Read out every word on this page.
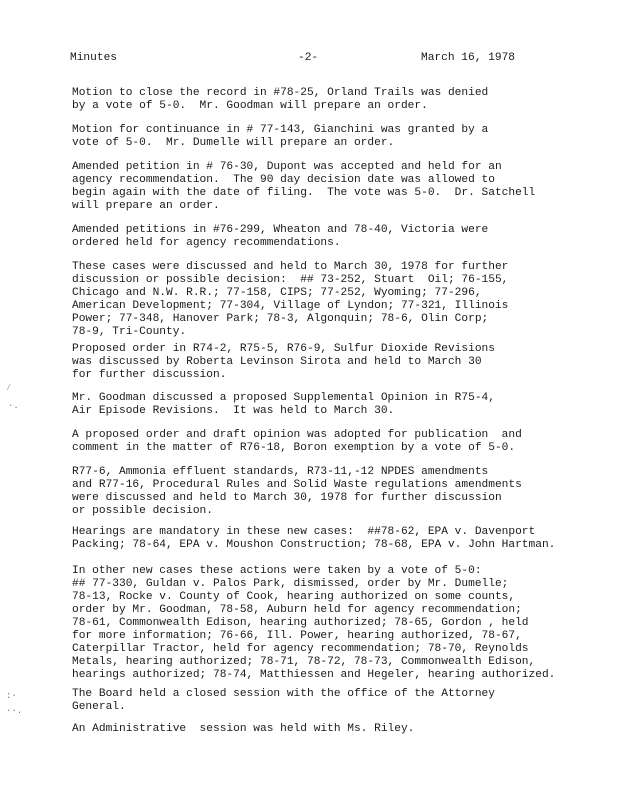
Minutes	-2-	March 16, 1978
Motion to close the record in #78-25, Orland Trails was denied
by a vote of 5-0.  Mr. Goodman will prepare an order.
Motion for continuance in # 77-143, Gianchini was granted by a
vote of 5-0.  Mr. Dumelle will prepare an order.
Amended petition in # 76-30, Dupont was accepted and held for an
agency recommendation.  The 90 day decision date was allowed to
begin again with the date of filing.  The vote was 5-0.  Dr. Satchell
will prepare an order.
Amended petitions in #76-299, Wheaton and 78-40, Victoria were
ordered held for agency recommendations.
These cases were discussed and held to March 30, 1978 for further
discussion or possible decision:  ## 73-252, Stuart  Oil; 76-155,
Chicago and N.W. R.R.; 77-158, CIPS; 77-252, Wyoming; 77-296,
American Development; 77-304, Village of Lyndon; 77-321, Illinois
Power; 77-348, Hanover Park; 78-3, Algonquin; 78-6, Olin Corp;
78-9, Tri-County.
Proposed order in R74-2, R75-5, R76-9, Sulfur Dioxide Revisions
was discussed by Roberta Levinson Sirota and held to March 30
for further discussion.
Mr. Goodman discussed a proposed Supplemental Opinion in R75-4,
Air Episode Revisions.  It was held to March 30.
A proposed order and draft opinion was adopted for publication  and
comment in the matter of R76-18, Boron exemption by a vote of 5-0.
R77-6, Ammonia effluent standards, R73-11,-12 NPDES amendments
and R77-16, Procedural Rules and Solid Waste regulations amendments
were discussed and held to March 30, 1978 for further discussion
or possible decision.
Hearings are mandatory in these new cases:  ##78-62, EPA v. Davenport
Packing; 78-64, EPA v. Moushon Construction; 78-68, EPA v. John Hartman.
In other new cases these actions were taken by a vote of 5-0:
## 77-330, Guldan v. Palos Park, dismissed, order by Mr. Dumelle;
78-13, Rocke v. County of Cook, hearing authorized on some counts,
order by Mr. Goodman, 78-58, Auburn held for agency recommendation;
78-61, Commonwealth Edison, hearing authorized; 78-65, Gordon , held
for more information; 76-66, Ill. Power, hearing authorized, 78-67,
Caterpillar Tractor, held for agency recommendation; 78-70, Reynolds
Metals, hearing authorized; 78-71, 78-72, 78-73, Commonwealth Edison,
hearings authorized; 78-74, Matthiessen and Hegeler, hearing authorized.
The Board held a closed session with the office of the Attorney
General.
An Administrative  session was held with Ms. Riley.
⁄
·.
:·
··.
